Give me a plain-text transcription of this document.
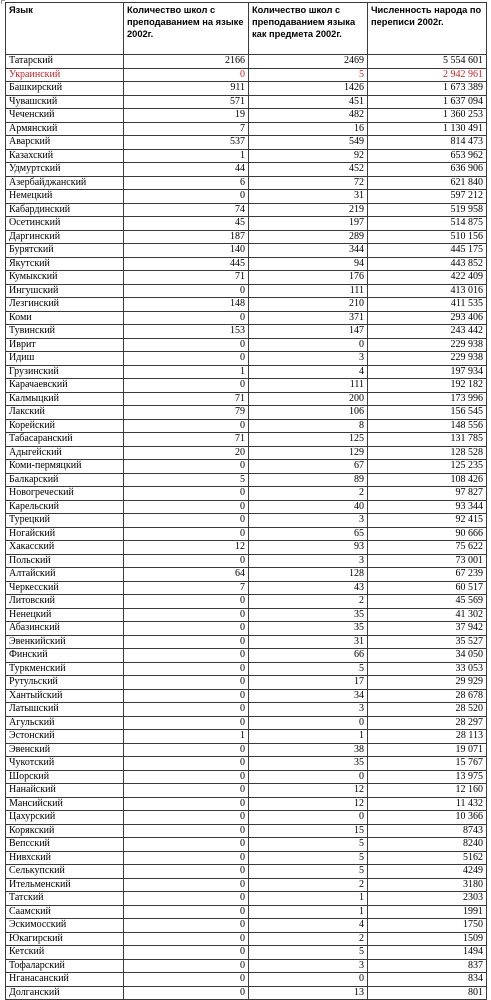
Язык	Количество школ с преподаванием на языке 2002г.	Количество школ с преподаванием языка как предмета 2002г.	Численность народа по переписи 2002г.
Татарский	2166	2469	5 554 601
Украинский	0	5	2 942 961
Башкирский	911	1426	1 673 389
Чувашский	571	451	1 637 094
Чеченский	19	482	1 360 253
Армянский	7	16	1 130 491
Аварский	537	549	814 473
Казахский	1	92	653 962
Удмуртский	44	452	636 906
Азербайджанский	6	72	621 840
Немецкий	0	31	597 212
Кабардинский	74	219	519 958
Осетинский	45	197	514 875
Даргинский	187	289	510 156
Бурятский	140	344	445 175
Якутский	445	94	443 852
Кумыкский	71	176	422 409
Ингушский	0	111	413 016
Лезгинский	148	210	411 535
Коми	0	371	293 406
Тувинский	153	147	243 442
Иврит	0	0	229 938
Идиш	0	3	229 938
Грузинский	1	4	197 934
Карачаевский	0	111	192 182
Калмыцкий	71	200	173 996
Лакский	79	106	156 545
Корейский	0	8	148 556
Табасаранский	71	125	131 785
Адыгейский	20	129	128 528
Коми-пермяцкий	0	67	125 235
Балкарский	5	89	108 426
Новогреческий	0	2	97 827
Карельский	0	40	93 344
Турецкий	0	3	92 415
Ногайский	0	65	90 666
Хакасский	12	93	75 622
Польский	0	3	73 001
Алтайский	64	128	67 239
Черкесский	7	43	60 517
Литовский	0	2	45 569
Ненецкий	0	35	41 302
Абазинский	0	35	37 942
Эвенкийский	0	31	35 527
Финский	0	66	34 050
Туркменский	0	5	33 053
Рутульский	0	17	29 929
Хантыйский	0	34	28 678
Латышский	0	3	28 520
Агульский	0	0	28 297
Эстонский	1	1	28 113
Эвенский	0	38	19 071
Чукотский	0	35	15 767
Шорский	0	0	13 975
Нанайский	0	12	12 160
Мансийский	0	12	11 432
Цахурский	0	0	10 366
Корякский	0	15	8743
Вепсский	0	5	8240
Нивхский	0	5	5162
Селькупский	0	5	4249
Ительменский	0	2	3180
Татский	0	1	2303
Саамский	0	1	1991
Эскимосский	0	4	1750
Юкагирский	0	2	1509
Кетский	0	5	1494
Тофаларский	0	3	837
Нганасанский	0	0	834
Долганский	0	13	801
